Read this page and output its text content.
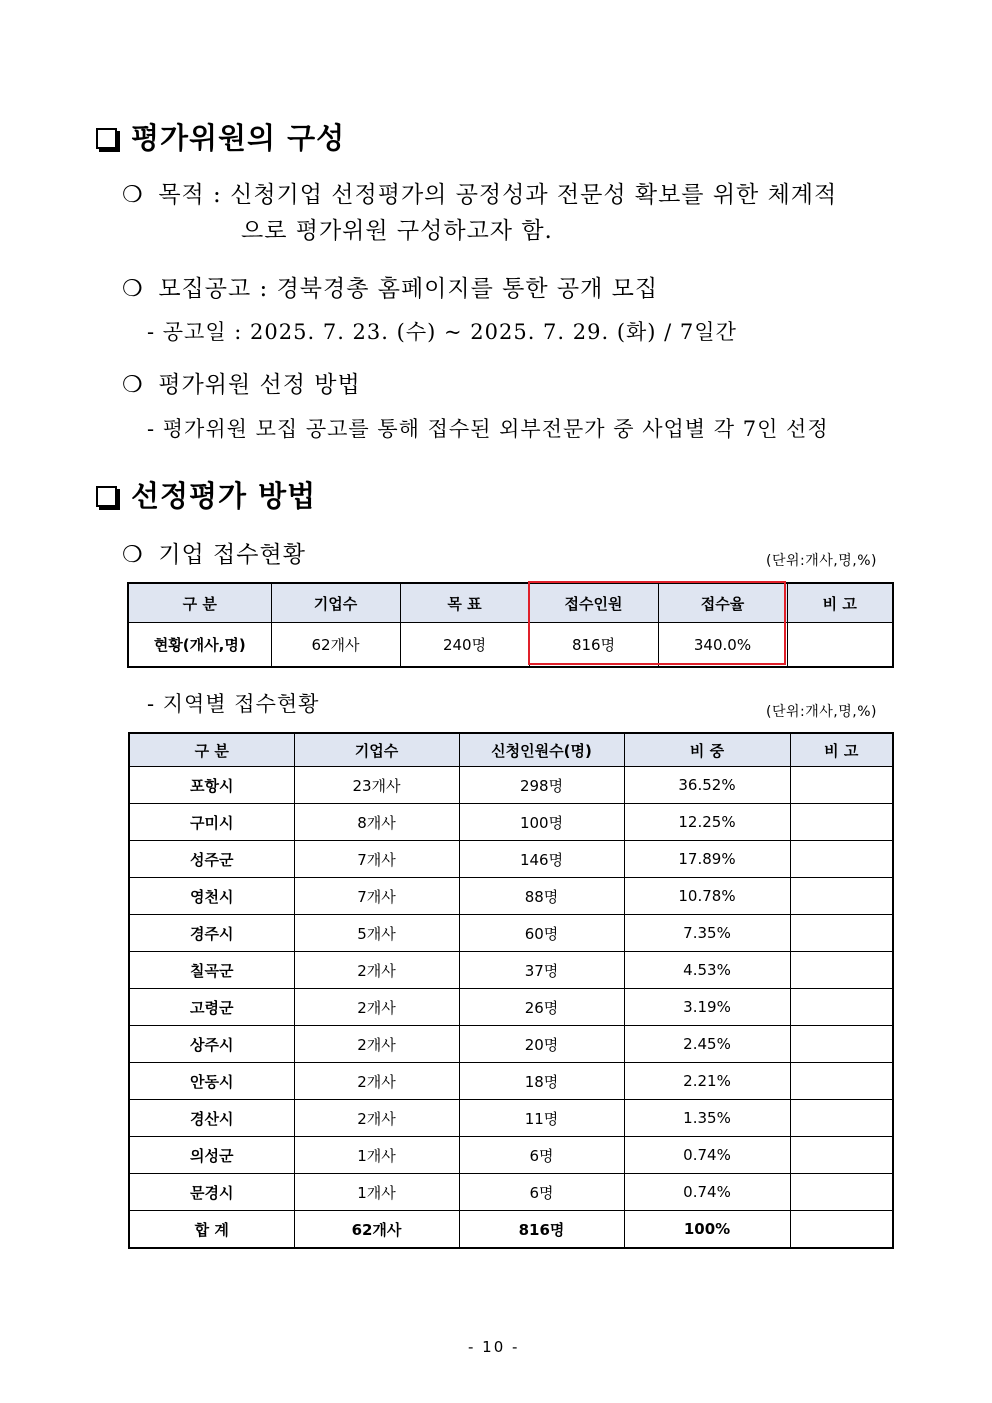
평가위원의 구성
❍ 목적 : 신청기업 선정평가의 공정성과 전문성 확보를 위한 체계적
으로 평가위원 구성하고자 함.
❍ 모집공고 : 경북경총 홈페이지를 통한 공개 모집
- 공고일 : 2025. 7. 23. (수) ~ 2025. 7. 29. (화) / 7일간
❍ 평가위원 선정 방법
- 평가위원 모집 공고를 통해 접수된 외부전문가 중 사업별 각 7인 선정
선정평가 방법
❍ 기업 접수현황	(단위:개사,명,%)
구 분	기업수	목 표	접수인원	접수율	비 고
현황(개사,명)	62개사	240명	816명	340.0%	
- 지역별 접수현황	(단위:개사,명,%)
구 분	기업수	신청인원수(명)	비 중	비 고
포항시	23개사	298명	36.52%	
구미시	8개사	100명	12.25%	
성주군	7개사	146명	17.89%	
영천시	7개사	88명	10.78%	
경주시	5개사	60명	7.35%	
칠곡군	2개사	37명	4.53%	
고령군	2개사	26명	3.19%	
상주시	2개사	20명	2.45%	
안동시	2개사	18명	2.21%	
경산시	2개사	11명	1.35%	
의성군	1개사	6명	0.74%	
문경시	1개사	6명	0.74%	
합 계	62개사	816명	100%	
- 10 -
